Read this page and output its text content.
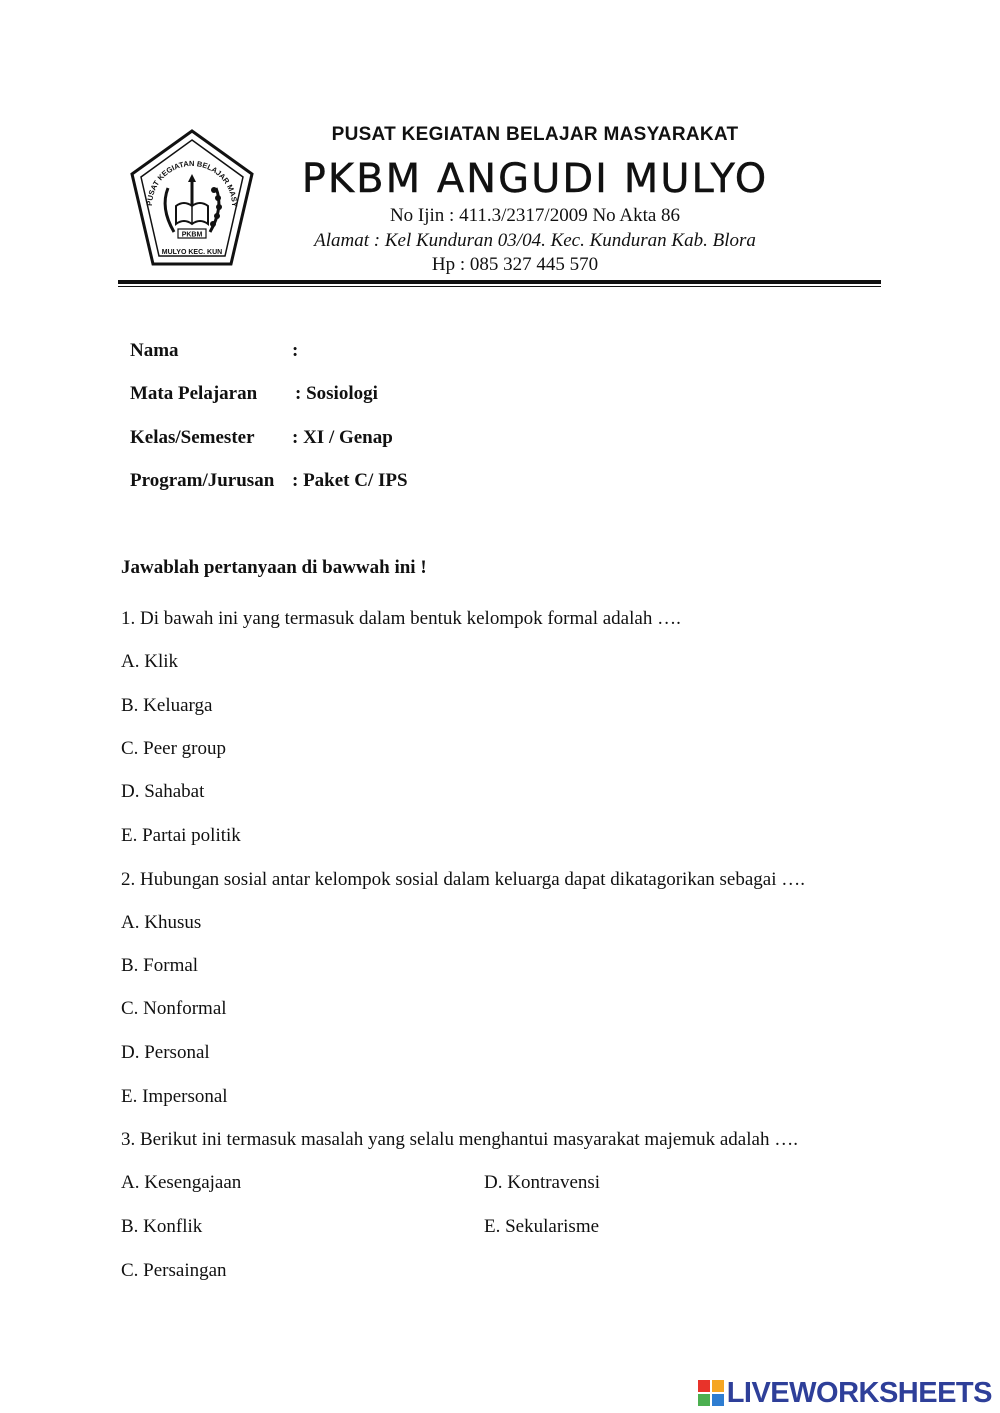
PUSAT KEGIATAN BELAJAR MASY
PKBM
MULYO KEC. KUN
PUSAT KEGIATAN BELAJAR MASYARAKAT
PKBM ANGUDI MULYO
No Ijin : 411.3/2317/2009 No Akta 86
Alamat : Kel Kunduran 03/04. Kec. Kunduran Kab. Blora
Hp : 085 327 445 570
Nama	:
Mata Pelajaran : Sosiologi
Kelas/Semester : XI / Genap
Program/Jurusan : Paket C/ IPS
Jawablah pertanyaan di bawwah ini !
1. Di bawah ini yang termasuk dalam bentuk kelompok formal adalah ….
A. Klik
B. Keluarga
C. Peer group
D. Sahabat
E. Partai politik
2. Hubungan sosial antar kelompok sosial dalam keluarga dapat dikatagorikan sebagai ….
A. Khusus
B. Formal
C. Nonformal
D. Personal
E. Impersonal
3. Berikut ini termasuk masalah yang selalu menghantui masyarakat majemuk adalah ….
A. Kesengajaan
B. Konflik
C. Persaingan
D. Kontravensi
E. Sekularisme
LIVEWORKSHEETS
